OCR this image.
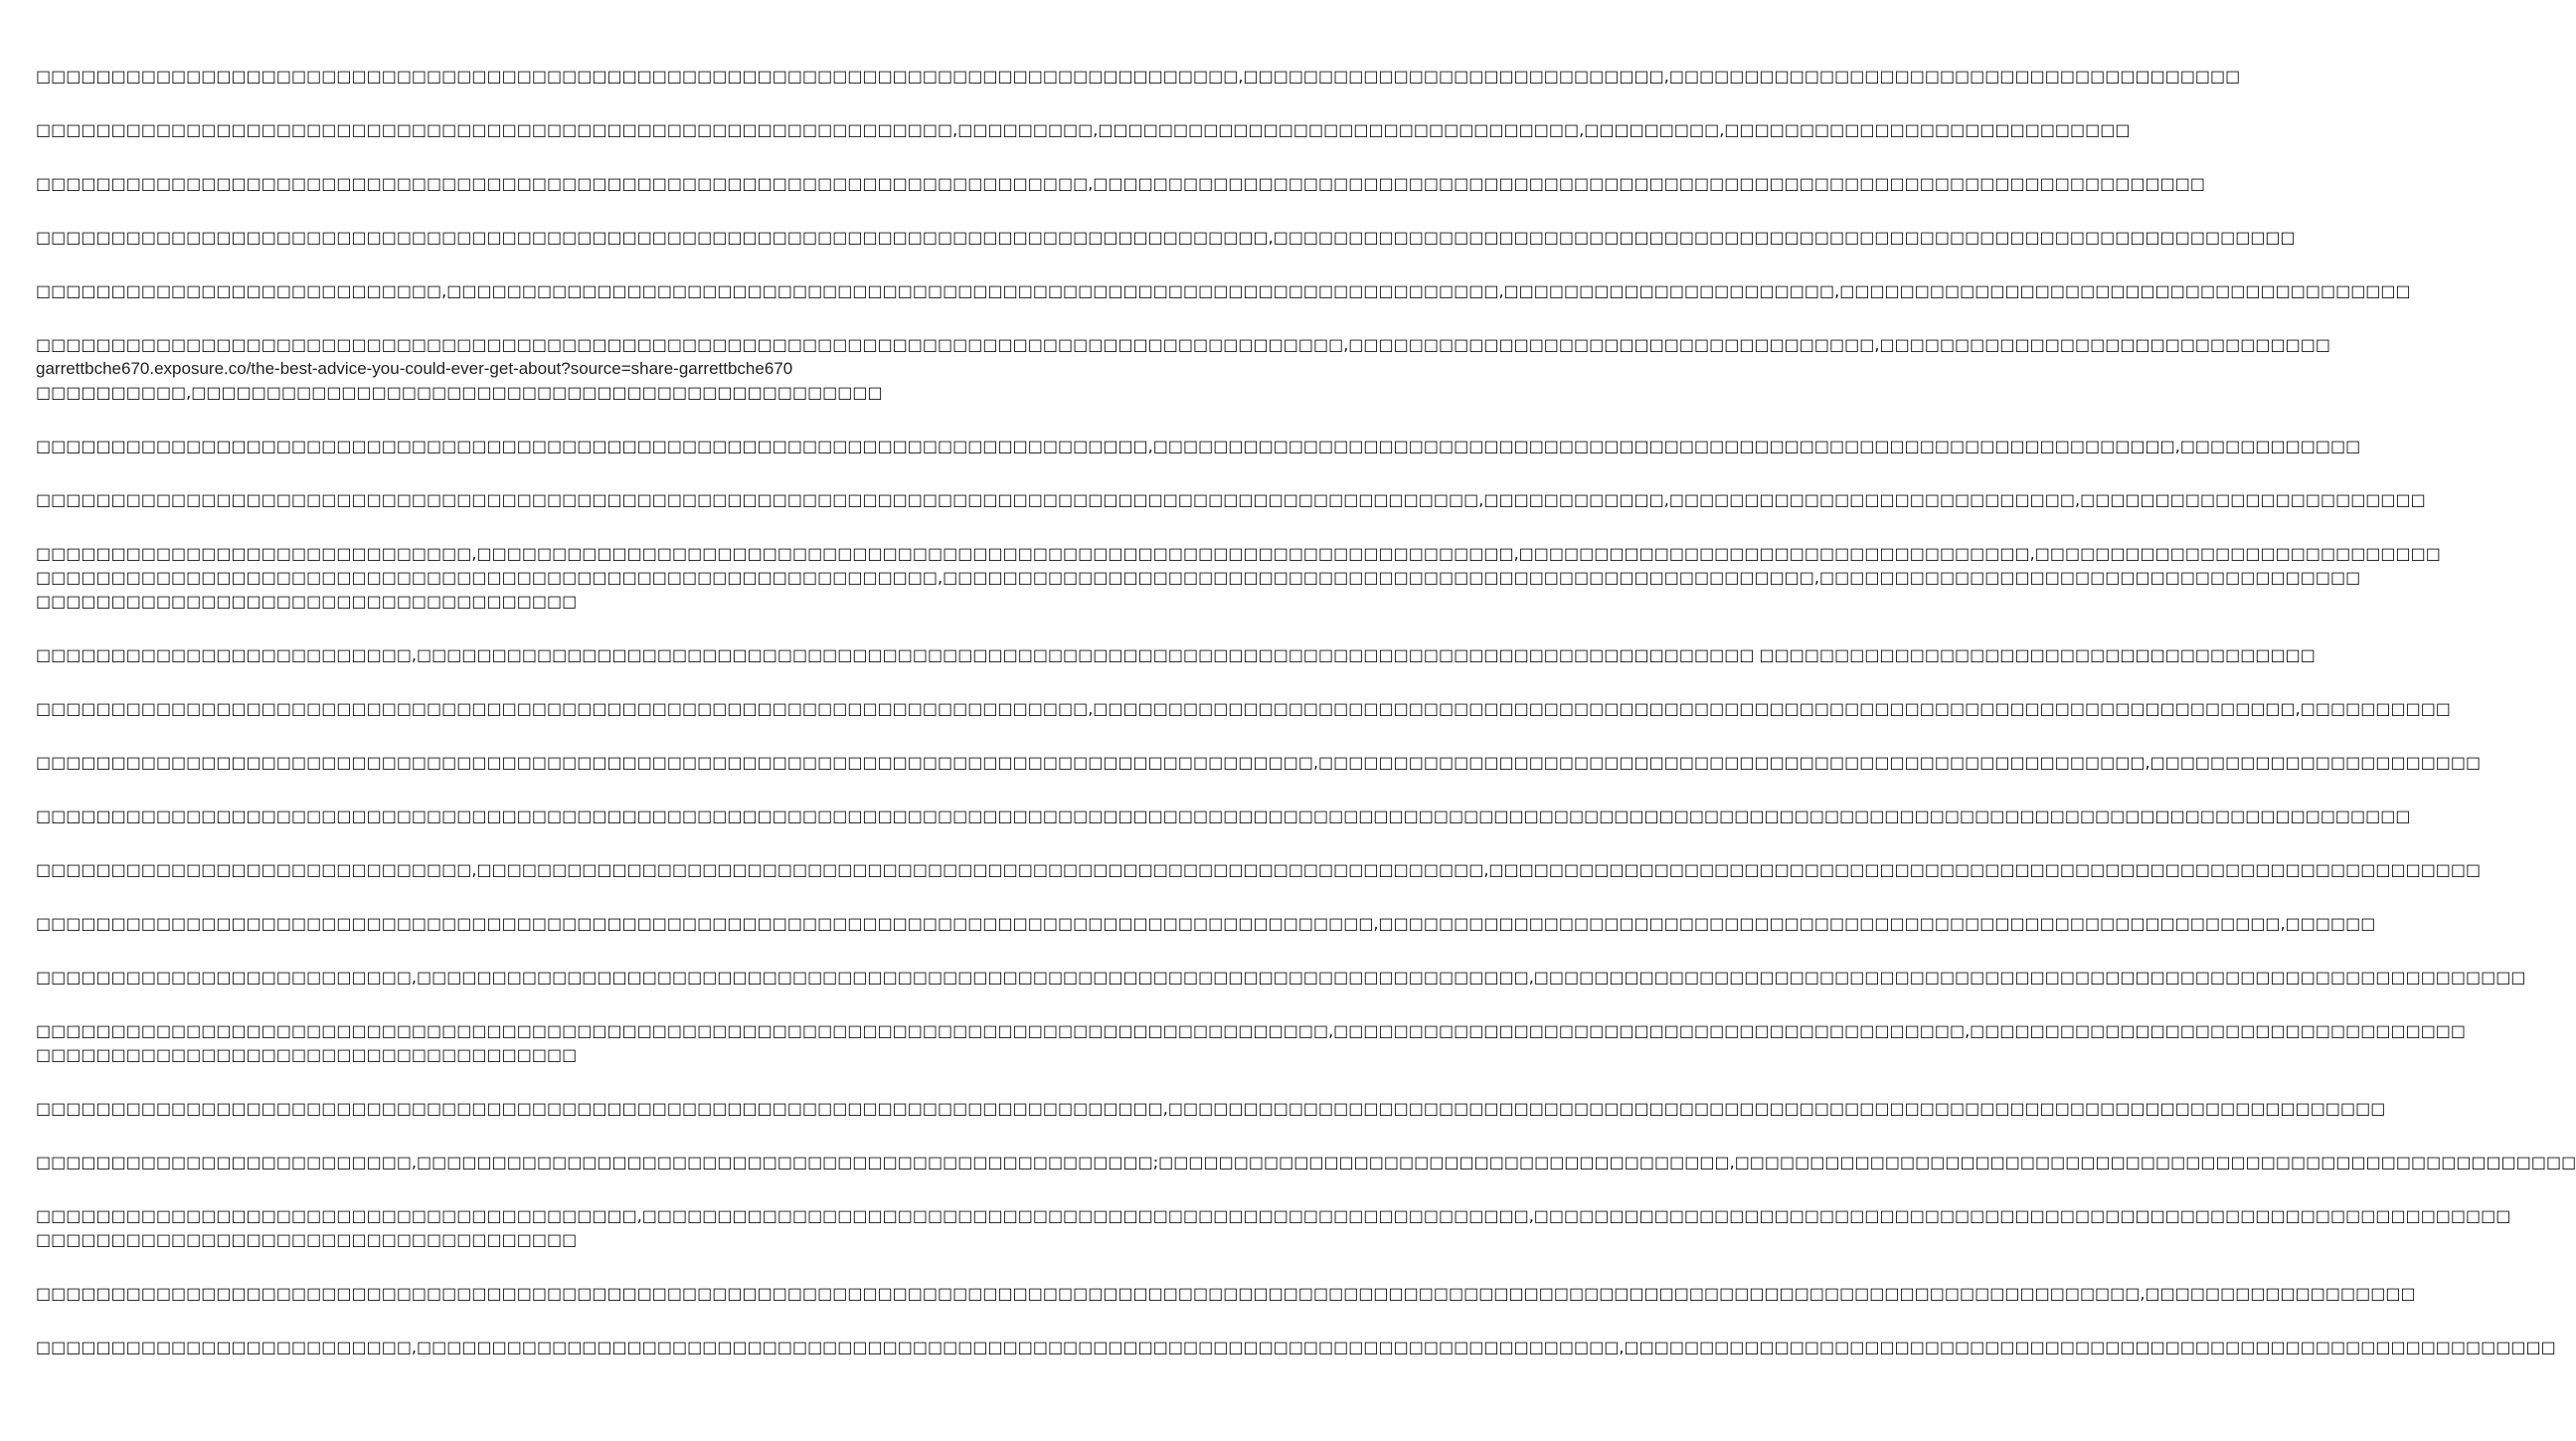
□□□□□□□□□□□□□□□□□□□□□□□□□□□□□□□□□□□□□□□□□□□□□□□□□□□□□□□□□□□□□□□□□□□□□□□□□□□□□□□□,□□□□□□□□□□□□□□□□□□□□□□□□□□□□,□□□□□□□□□□□□□□□□□□□□□□□□□□□□□□□□□□□□□□

□□□□□□□□□□□□□□□□□□□□□□□□□□□□□□□□□□□□□□□□□□□□□□□□□□□□□□□□□□□□□,□□□□□□□□□,□□□□□□□□□□□□□□□□□□□□□□□□□□□□□□□□,□□□□□□□□□,□□□□□□□□□□□□□□□□□□□□□□□□□□□

□□□□□□□□□□□□□□□□□□□□□□□□□□□□□□□□□□□□□□□□□□□□□□□□□□□□□□□□□□□□□□□□□□□□□□,□□□□□□□□□□□□□□□□□□□□□□□□□□□□□□□□□□□□□□□□□□□□□□□□□□□□□□□□□□□□□□□□□□□□□□□□□□

□□□□□□□□□□□□□□□□□□□□□□□□□□□□□□□□□□□□□□□□□□□□□□□□□□□□□□□□□□□□□□□□□□□□□□□□□□□□□□□□□□,□□□□□□□□□□□□□□□□□□□□□□□□□□□□□□□□□□□□□□□□□□□□□□□□□□□□□□□□□□□□□□□□□□□□

□□□□□□□□□□□□□□□□□□□□□□□□□□□,□□□□□□□□□□□□□□□□□□□□□□□□□□□□□□□□□□□□□□□□□□□□□□□□□□□□□□□□□□□□□□□□□□□□□□,□□□□□□□□□□□□□□□□□□□□□□,□□□□□□□□□□□□□□□□□□□□□□□□□□□□□□□□□□□□□□

□□□□□□□□□□□□□□□□□□□□□□□□□□□□□□□□□□□□□□□□□□□□□□□□□□□□□□□□□□□□□□□□□□□□□□□□□□□□□□□□□□□□□□□,□□□□□□□□□□□□□□□□□□□□□□□□□□□□□□□□□□□,□□□□□□□□□□□□□□□□□□□□□□□□□□□□□□
garrettbche670.exposure.co/the-best-advice-you-could-ever-get-about?source=share-garrettbche670
□□□□□□□□□□,□□□□□□□□□□□□□□□□□□□□□□□□□□□□□□□□□□□□□□□□□□□□□□

□□□□□□□□□□□□□□□□□□□□□□□□□□□□□□□□□□□□□□□□□□□□□□□□□□□□□□□□□□□□□□□□□□□□□□□□□□,□□□□□□□□□□□□□□□□□□□□□□□□□□□□□□□□□□□□□□□□□□□□□□□□□□□□□□□□□□□□□□□□□□□□,□□□□□□□□□□□□

□□□□□□□□□□□□□□□□□□□□□□□□□□□□□□□□□□□□□□□□□□□□□□□□□□□□□□□□□□□□□□□□□□□□□□□□□□□□□□□□□□□□□□□□□□□□□□□□,□□□□□□□□□□□□,□□□□□□□□□□□□□□□□□□□□□□□□□□□,□□□□□□□□□□□□□□□□□□□□□□□

□□□□□□□□□□□□□□□□□□□□□□□□□□□□□,□□□□□□□□□□□□□□□□□□□□□□□□□□□□□□□□□□□□□□□□□□□□□□□□□□□□□□□□□□□□□□□□□□□□□,□□□□□□□□□□□□□□□□□□□□□□□□□□□□□□□□□□,□□□□□□□□□□□□□□□□□□□□□□□□□□□
□□□□□□□□□□□□□□□□□□□□□□□□□□□□□□□□□□□□□□□□□□□□□□□□□□□□□□□□□□□□,□□□□□□□□□□□□□□□□□□□□□□□□□□□□□□□□□□□□□□□□□□□□□□□□□□□□□□□□□□,□□□□□□□□□□□□□□□□□□□□□□□□□□□□□□□□□□□□
□□□□□□□□□□□□□□□□□□□□□□□□□□□□□□□□□□□□

□□□□□□□□□□□□□□□□□□□□□□□□□,□□□□□□□□□□□□□□□□□□□□□□□□□□□□□□□□□□□□□□□□□□□□□□□□□□□□□□□□□□□□□□□□□□□□□□□□□□□□□□□□□□□□□□□□□ □□□□□□□□□□□□□□□□□□□□□□□□□□□□□□□□□□□□□

□□□□□□□□□□□□□□□□□□□□□□□□□□□□□□□□□□□□□□□□□□□□□□□□□□□□□□□□□□□□□□□□□□□□□□,□□□□□□□□□□□□□□□□□□□□□□□□□□□□□□□□□□□□□□□□□□□□□□□□□□□□□□□□□□□□□□□□□□□□□□□□□□□□□□□□,□□□□□□□□□□

□□□□□□□□□□□□□□□□□□□□□□□□□□□□□□□□□□□□□□□□□□□□□□□□□□□□□□□□□□□□□□□□□□□□□□□□□□□□□□□□□□□□□,□□□□□□□□□□□□□□□□□□□□□□□□□□□□□□□□□□□□□□□□□□□□□□□□□□□□□□□,□□□□□□□□□□□□□□□□□□□□□□

□□□□□□□□□□□□□□□□□□□□□□□□□□□□□□□□□□□□□□□□□□□□□□□□□□□□□□□□□□□□□□□□□□□□□□□□□□□□□□□□□□□□□□□□□□□□□□□□□□□□□□□□□□□□□□□□□□□□□□□□□□□□□□□□□□□□□□□□□□□□□□□□□□□□□□□□□□□□□□

□□□□□□□□□□□□□□□□□□□□□□□□□□□□□,□□□□□□□□□□□□□□□□□□□□□□□□□□□□□□□□□□□□□□□□□□□□□□□□□□□□□□□□□□□□□□□□□□□,□□□□□□□□□□□□□□□□□□□□□□□□□□□□□□□□□□□□□□□□□□□□□□□□□□□□□□□□□□□□□□□□□□

□□□□□□□□□□□□□□□□□□□□□□□□□□□□□□□□□□□□□□□□□□□□□□□□□□□□□□□□□□□□□□□□□□□□□□□□□□□□□□□□□□□□□□□□□,□□□□□□□□□□□□□□□□□□□□□□□□□□□□□□□□□□□□□□□□□□□□□□□□□□□□□□□□□□□□,□□□□□□

□□□□□□□□□□□□□□□□□□□□□□□□□,□□□□□□□□□□□□□□□□□□□□□□□□□□□□□□□□□□□□□□□□□□□□□□□□□□□□□□□□□□□□□□□□□□□□□□□□□□,□□□□□□□□□□□□□□□□□□□□□□□□□□□□□□□□□□□□□□□□□□□□□□□□□□□□□□□□□□□□□□□□□□

□□□□□□□□□□□□□□□□□□□□□□□□□□□□□□□□□□□□□□□□□□□□□□□□□□□□□□□□□□□□□□□□□□□□□□□□□□□□□□□□□□□□□□,□□□□□□□□□□□□□□□□□□□□□□□□□□□□□□□□□□□□□□□□□□,□□□□□□□□□□□□□□□□□□□□□□□□□□□□□□□□□
□□□□□□□□□□□□□□□□□□□□□□□□□□□□□□□□□□□□

□□□□□□□□□□□□□□□□□□□□□□□□□□□□□□□□□□□□□□□□□□□□□□□□□□□□□□□□□□□□□□□□□□□□□□□□□□□,□□□□□□□□□□□□□□□□□□□□□□□□□□□□□□□□□□□□□□□□□□□□□□□□□□□□□□□□□□□□□□□□□□□□□□□□□□□□□□□□□

□□□□□□□□□□□□□□□□□□□□□□□□□,□□□□□□□□□□□□□□□□□□□□□□□□□□□□□□□□□□□□□□□□□□□□□□□□□;□□□□□□□□□□□□□□□□□□□□□□□□□□□□□□□□□□□□□□,□□□□□□□□□□□□□□□□□□□□□□□□□□□□□□□□□□□□□□□□□□□□□□□□□□□□□□□□

□□□□□□□□□□□□□□□□□□□□□□□□□□□□□□□□□□□□□□□□,□□□□□□□□□□□□□□□□□□□□□□□□□□□□□□□□□□□□□□□□□□□□□□□□□□□□□□□□□□□,□□□□□□□□□□□□□□□□□□□□□□□□□□□□□□□□□□□□□□□□□□□□□□□□□□□□□□□□□□□□□□□□□
□□□□□□□□□□□□□□□□□□□□□□□□□□□□□□□□□□□□

□□□□□□□□□□□□□□□□□□□□□□□□□□□□□□□□□□□□□□□□□□□□□□□□□□□□□□□□□□□□□□□□□□□□□□□□□□□□□□□□□□□□□□□□□□□□□□□□□□□□□□□□□□□□□□□□□□□□□□□□□□□□□□□□□□□□□□□□□□□□,□□□□□□□□□□□□□□□□□□

□□□□□□□□□□□□□□□□□□□□□□□□□,□□□□□□□□□□□□□□□□□□□□□□□□□□□□□□□□□□□□□□□□□□□□□□□□□□□□□□□□□□□□□□□□□□□□□□□□□□□□□□□□,□□□□□□□□□□□□□□□□□□□□□□□□□□□□□□□□□□□□□□□□□□□□□□□□□□□□□□□□□□□□□□
